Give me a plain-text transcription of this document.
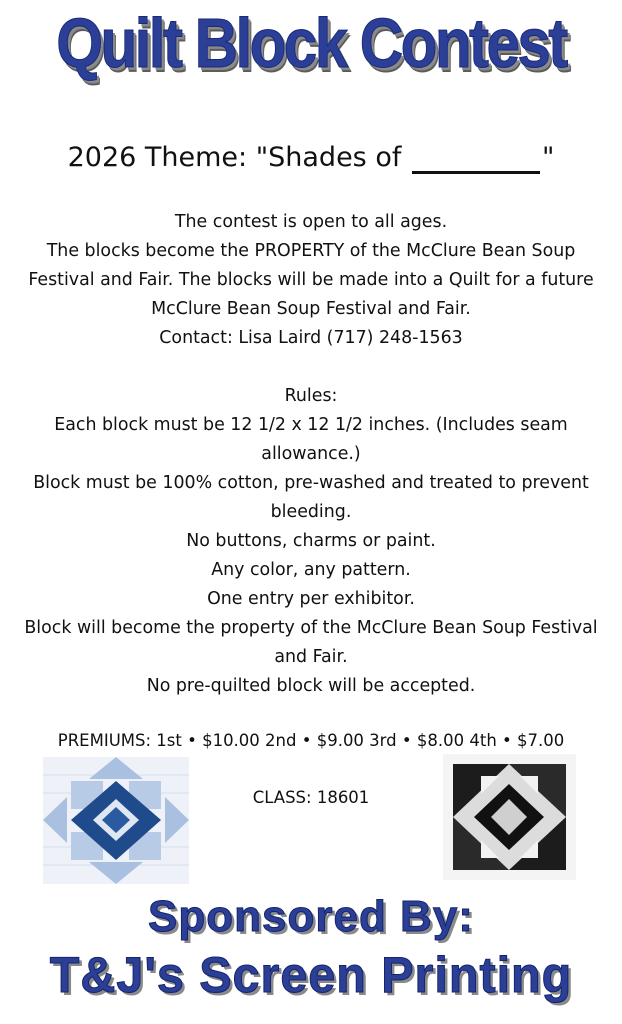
Quilt Block Contest
2026 Theme: "Shades of	"

The contest is open to all ages.

The blocks become the PROPERTY of the McClure Bean Soup Festival and Fair. The blocks will be made into a Quilt for a future McClure Bean Soup Festival and Fair.

Contact: Lisa Laird (717) 248-1563

Rules:

Each block must be 12 1/2 x 12 1/2 inches. (Includes seam allowance.)

Block must be 100% cotton, pre-washed and treated to prevent bleeding.

No buttons, charms or paint.

Any color, any pattern.

One entry per exhibitor.

Block will become the property of the McClure Bean Soup Festival and Fair.

No pre-quilted block will be accepted.

PREMIUMS: 1st • $10.00 2nd • $9.00 3rd • $8.00 4th • $7.00
CLASS: 18601
Sponsored By:
T&J's Screen Printing
